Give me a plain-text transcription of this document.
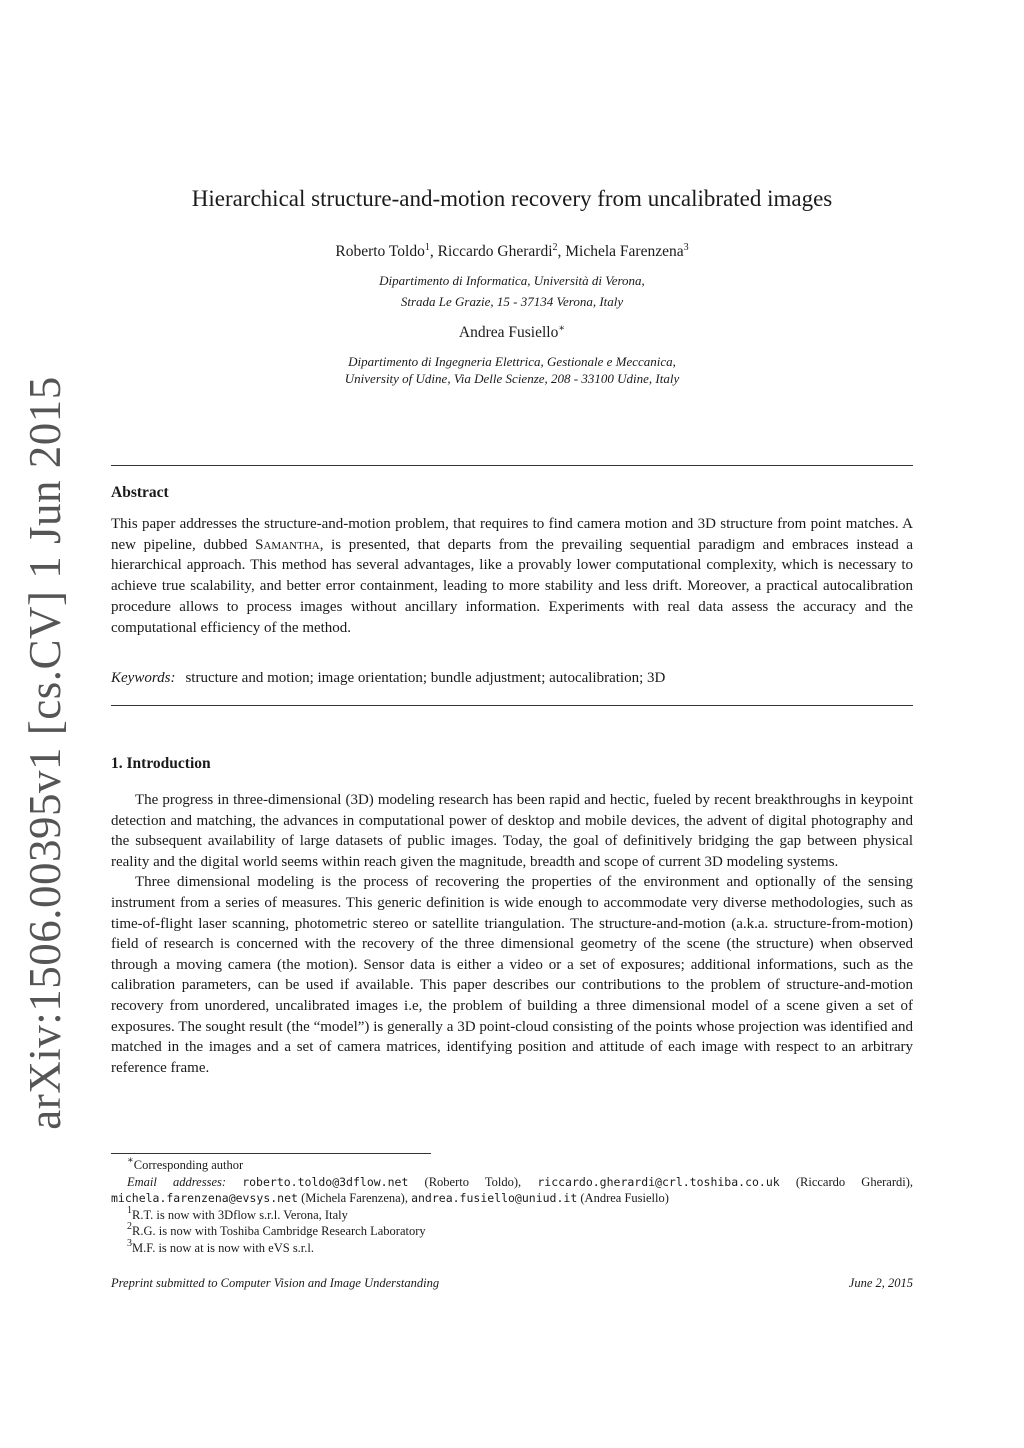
arXiv:1506.00395v1 [cs.CV] 1 Jun 2015
Hierarchical structure-and-motion recovery from uncalibrated images
Roberto Toldo$^1$, Riccardo Gherardi$^2$, Michela Farenzena$^3$
Dipartimento di Informatica, Università di Verona,
Strada Le Grazie, 15 - 37134 Verona, Italy
Andrea Fusiello∗
Dipartimento di Ingegneria Elettrica, Gestionale e Meccanica,
University of Udine, Via Delle Scienze, 208 - 33100 Udine, Italy
Abstract

This paper addresses the structure-and-motion problem, that requires to find camera motion and 3D structure from point matches. A new pipeline, dubbed Samantha, is presented, that departs from the prevailing sequential paradigm and embraces instead a hierarchical approach. This method has several advantages, like a provably lower computational complexity, which is necessary to achieve true scalability, and better error containment, leading to more stability and less drift. Moreover, a practical autocalibration procedure allows to process images without ancillary information. Experiments with real data assess the accuracy and the computational efficiency of the method.

Keywords: structure and motion; image orientation; bundle adjustment; autocalibration; 3D

1. Introduction

The progress in three-dimensional (3D) modeling research has been rapid and hectic, fueled by recent breakthroughs in keypoint detection and matching, the advances in computational power of desktop and mobile devices, the advent of digital photography and the subsequent availability of large datasets of public images. Today, the goal of definitively bridging the gap between physical reality and the digital world seems within reach given the magnitude, breadth and scope of current 3D modeling systems.

Three dimensional modeling is the process of recovering the properties of the environment and optionally of the sensing instrument from a series of measures. This generic definition is wide enough to accommodate very diverse methodologies, such as time-of-flight laser scanning, photometric stereo or satellite triangulation. The structure-and-motion (a.k.a. structure-from-motion) field of research is concerned with the recovery of the three dimensional geometry of the scene (the structure) when observed through a moving camera (the motion). Sensor data is either a video or a set of exposures; additional informations, such as the calibration parameters, can be used if available. This paper describes our contributions to the problem of structure-and-motion recovery from unordered, uncalibrated images i.e, the problem of building a three dimensional model of a scene given a set of exposures. The sought result (the “model”) is generally a 3D point-cloud consisting of the points whose projection was identified and matched in the images and a set of camera matrices, identifying position and attitude of each image with respect to an arbitrary reference frame.

∗Corresponding author

Email addresses: roberto.toldo@3dflow.net (Roberto Toldo), riccardo.gherardi@crl.toshiba.co.uk (Riccardo Gherardi), michela.farenzena@evsys.net (Michela Farenzena), andrea.fusiello@uniud.it (Andrea Fusiello)

$^1$R.T. is now with 3Dflow s.r.l. Verona, Italy

$^2$R.G. is now with Toshiba Cambridge Research Laboratory

$^3$M.F. is now at is now with eVS s.r.l.

Preprint submitted to Computer Vision and Image Understanding	June 2, 2015
